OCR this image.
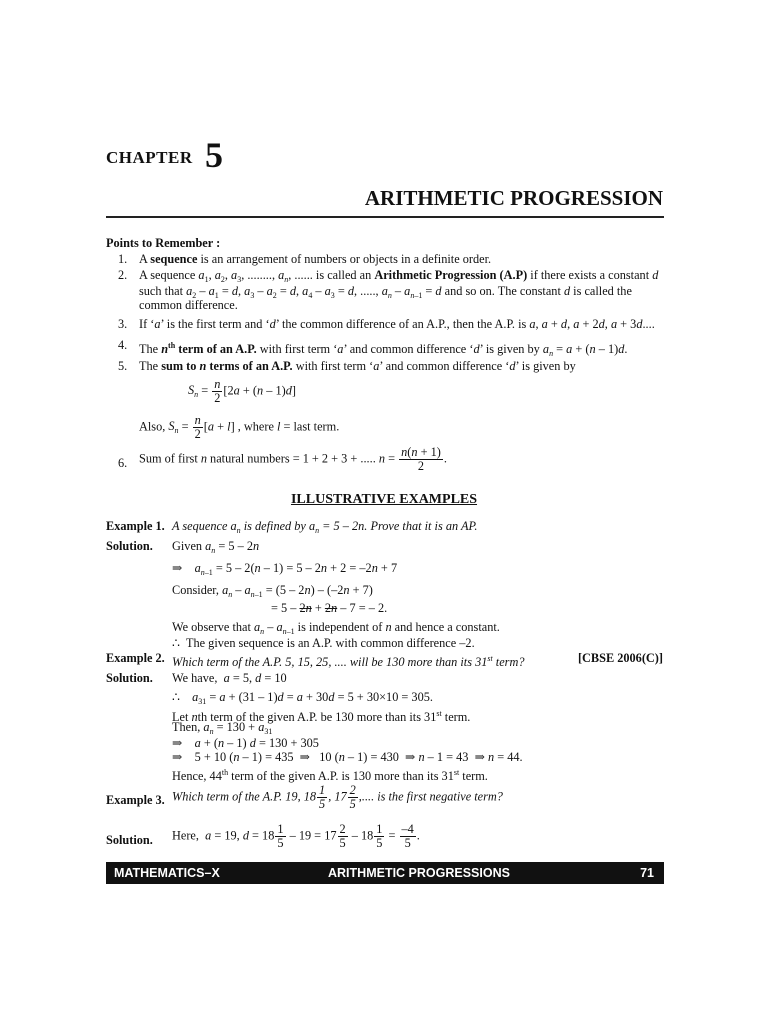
CHAPTER 5
ARITHMETIC PROGRESSION
Points to Remember :
1. A sequence is an arrangement of numbers or objects in a definite order.
2. A sequence $a_1$, $a_2$, $a_3$, ........, $a_n$, ...... is called an Arithmetic Progression (A.P) if there exists a constant d
such that $a_2 - a_1 = d$, $a_3 - a_2 = d$, $a_4 - a_3 = d$, ....., $a_n - a_{n-1} = d$ and so on. The constant d is called the
common difference.
3. If ‘a’ is the first term and ‘d’ the common difference of an A.P., then the A.P. is a, a + d, a + 2d, a + 3d....
4. The $n^{th}$ term of an A.P. with first term ‘a’ and common difference ‘d’ is given by $a_n = a + (n - 1)d$.
5. The sum to n terms of an A.P. with first term ‘a’ and common difference ‘d’ is given by
$S_n = \frac{n}{2} [2a + (n - 1)d]$
Also, $S_n = \frac{n}{2} [a + l]$ , where l = last term.
6. Sum of first n natural numbers = 1 + 2 + 3 + ..... $n = \frac{n(n + 1)}{2}$ .
ILLUSTRATIVE EXAMPLES
Example 1. A sequence $a_n$ is defined by $a_n = 5 - 2n$. Prove that it is an AP.
Solution. Given $a_n = 5 - 2n$
⇒    $a_{n-1} = 5 - 2(n - 1) = 5 - 2n + 2 = -2n + 7$
Consider, $a_n - a_{n-1} = (5 - 2n) - (-2n + 7)$
= 5 – 2n + 2n – 7 = – 2.
We observe that $a_n - a_{n-1}$ is independent of n and hence a constant.
∴  The given sequence is an A.P. with common difference –2.
Example 2. Which term of the A.P. 5, 15, 25, .... will be 130 more than its 31st term?	[CBSE 2006(C)]
Solution. We have,  a = 5, d = 10
∴    $a_{31} = a + (31 - 1)d = a + 30d = 5 + 30\times 10 = 305$.
Let nth term of the given A.P. be 130 more than its 31st term.
Then, $a_n = 130 + a_{31}$
⇒    a + (n – 1) d = 130 + 305
⇒    5 + 10 (n – 1) = 435  ⇒   10 (n – 1) = 430  ⇒ n – 1 = 43  ⇒ n = 44.
Hence, 44th term of the given A.P. is 130 more than its 31st term.
Example 3. Which term of the A.P. 19, $18 \frac{1}{5}$ , $17 \frac{2}{5}$ ,.... is the first negative term?
Solution. Here,  a = 19, $d = 18 \frac{1}{5} - 19 = 17 \frac{2}{5} - 18 \frac{1}{5} = \frac{-4}{5}$ .
MATHEMATICS–X	ARITHMETIC PROGRESSIONS	71
